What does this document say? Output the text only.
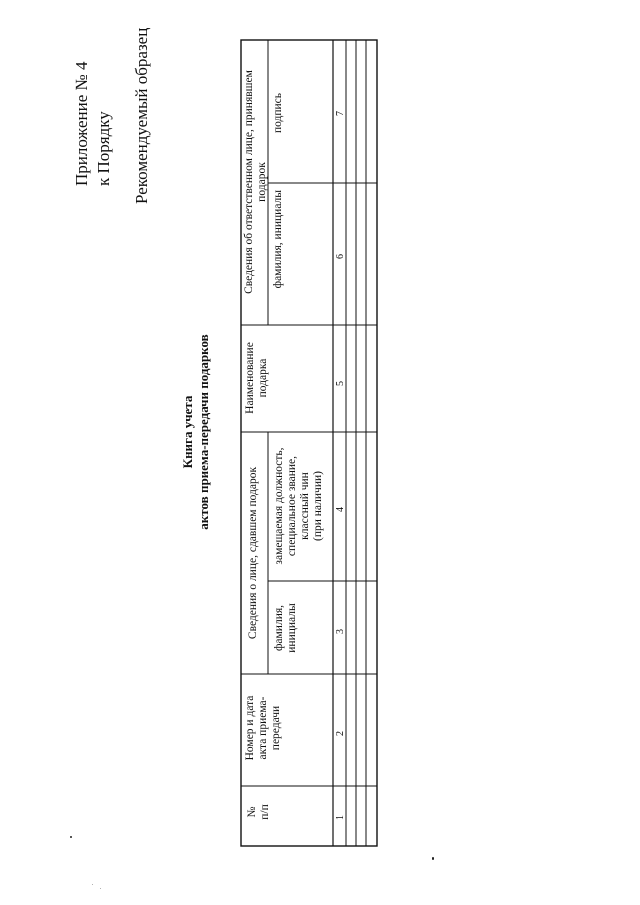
Приложение № 4 к Порядку Рекомендуемый образец
Книга учета актов приема-передачи подарков
№ п/п
Номер и дата акта приема- передачи
Сведения о лице, сдавшем подарок фамилия, инициалы
замещаемая должность, специальное звание, классный чин (при наличии)
Наименование подарка
Сведения об ответственном лице, принявшем подарок
фамилия, инициалы
подпись
1
2
3
4
5
6
7
